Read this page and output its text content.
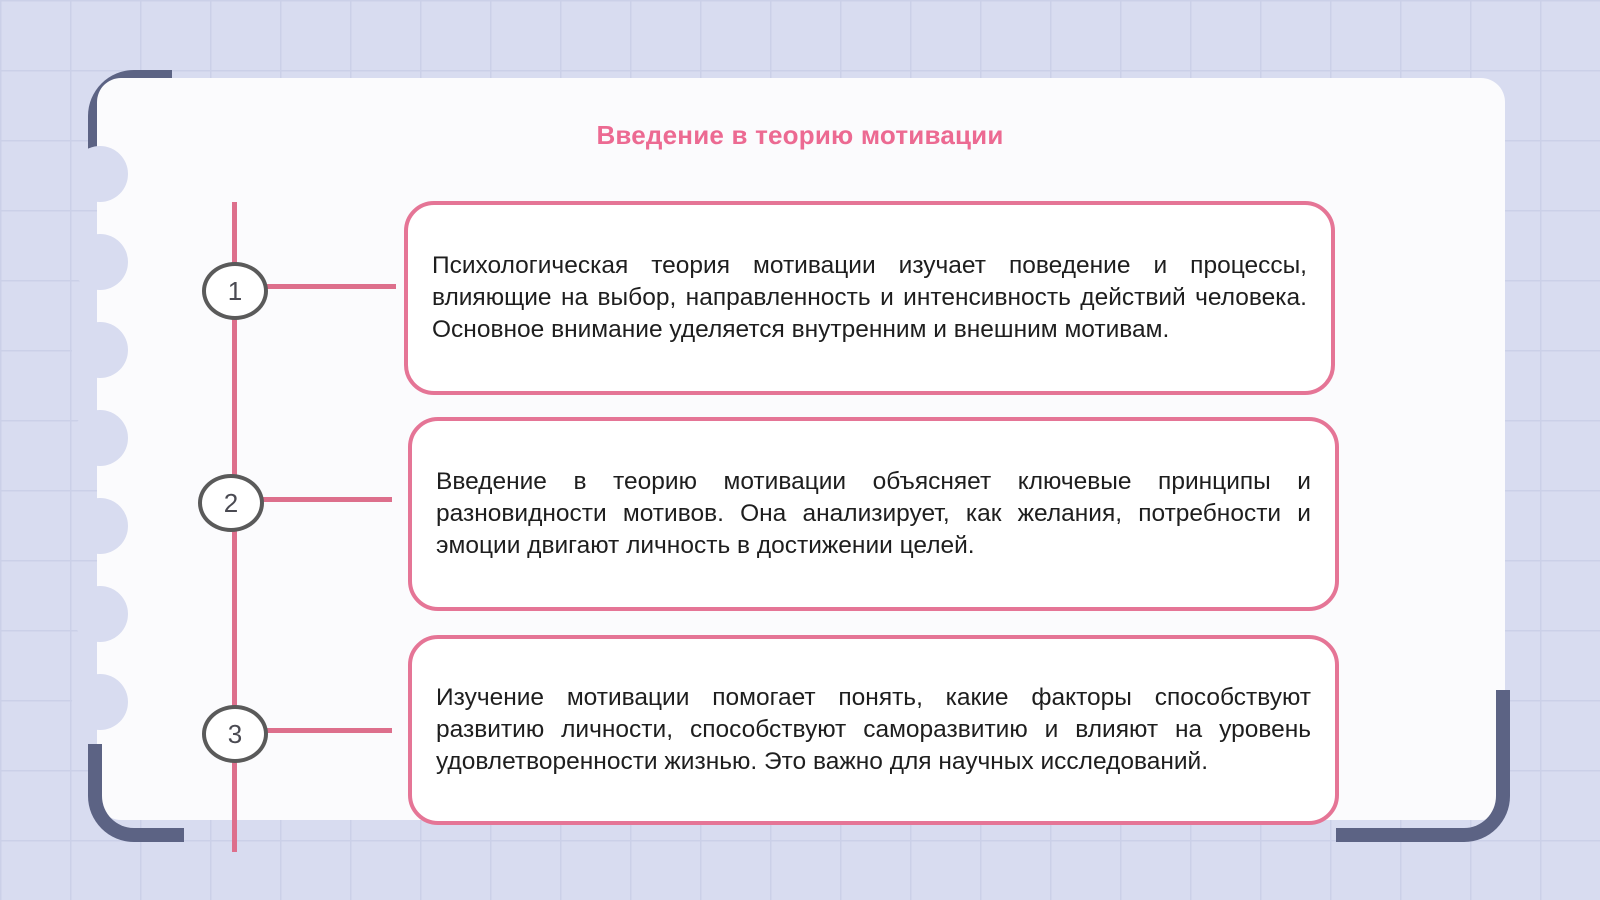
Введение в теорию мотивации
1
2
3
Психологическая теория мотивации изучает поведение и процессы, влияющие на выбор, направленность и интенсивность действий человека. Основное внимание уделяется внутренним и внешним мотивам.
Введение в теорию мотивации объясняет ключевые принципы и разновидности мотивов. Она анализирует, как желания, потребности и эмоции двигают личность в достижении целей.
Изучение мотивации помогает понять, какие факторы способствуют развитию личности, способствуют саморазвитию и влияют на уровень удовлетворенности жизнью. Это важно для научных исследований.
